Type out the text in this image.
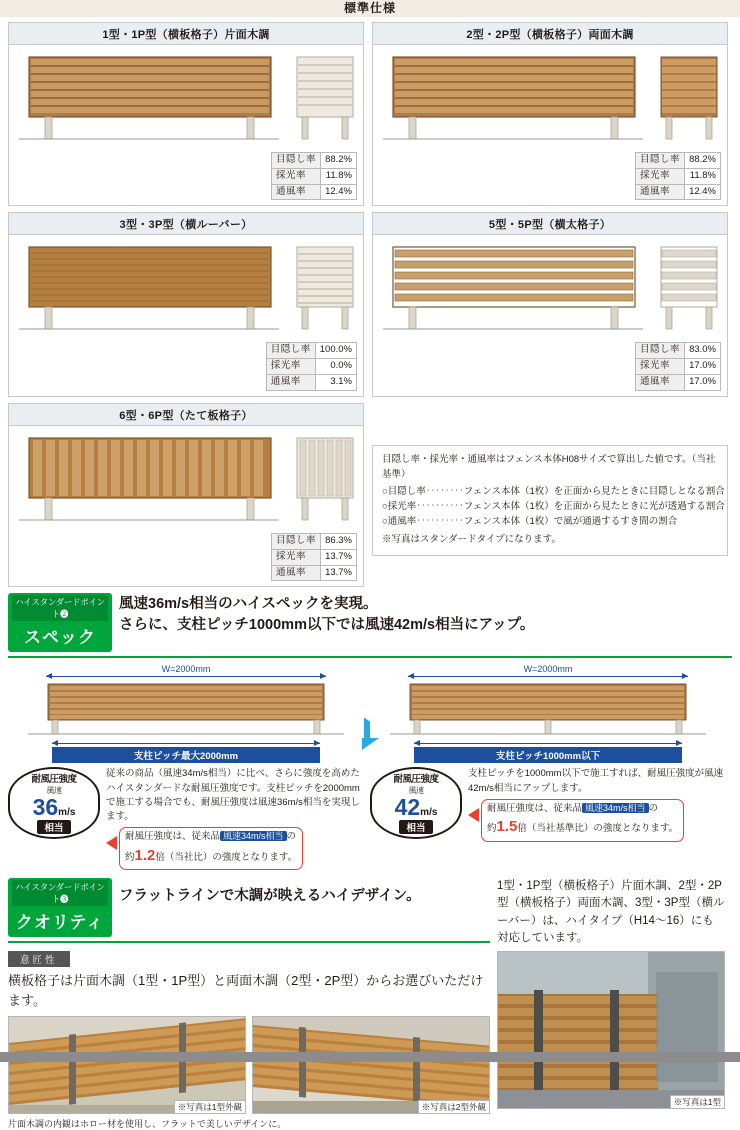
標準仕様
1型・1P型（横板格子）片面木調
目隠し率	88.2%
採光率	11.8%
通風率	12.4%
2型・2P型（横板格子）両面木調
目隠し率	88.2%
採光率	11.8%
通風率	12.4%
3型・3P型（横ルーバー）
目隠し率	100.0%
採光率	0.0%
通風率	3.1%
5型・5P型（横太格子）
目隠し率	83.0%
採光率	17.0%
通風率	17.0%
6型・6P型（たて板格子）
目隠し率	86.3%
採光率	13.7%
通風率	13.7%
目隠し率・採光率・通風率はフェンス本体H08サイズで算出した値です。（当社基準）
○目隠し率‥‥‥‥フェンス本体（1枚）を正面から見たときに目隠しとなる割合
○採光率‥‥‥‥‥フェンス本体（1枚）を正面から見たときに光が透過する割合
○通風率‥‥‥‥‥フェンス本体（1枚）で風が通過するすき間の割合
※写真はスタンダードタイプになります。
ハイスタンダードポイント➋
スペック
風速36m/s相当のハイスペックを実現。
さらに、支柱ピッチ1000mm以下では風速42m/s相当にアップ。
W=2000mm
支柱ピッチ最大2000mm
W=2000mm
支柱ピッチ1000mm以下
耐風圧強度
風速
36m/s
相当
従来の商品（風速34m/s相当）に比べ、さらに強度を高めたハイスタンダードな耐風圧強度です。支柱ピッチを2000mmで施工する場合でも、耐風圧強度は風速36m/s相当を実現します。
耐風圧強度は、従来品 風速34m/s相当 の
約1.2倍（当社比）の強度となります。
耐風圧強度
風速
42m/s
相当
支柱ピッチを1000mm以下で施工すれば、耐風圧強度が風速42m/s相当にアップします。
耐風圧強度は、従来品 風速34m/s相当 の
約1.5倍（当社基準比）の強度となります。
ハイスタンダードポイント➌
クオリティ
フラットラインで木調が映えるハイデザイン。
1型・1P型（横板格子）片面木調、2型・2P型（横板格子）両面木調、3型・3P型（横ルーバー）は、ハイタイプ（H14～16）にも対応しています。
意匠性
横板格子は片面木調（1型・1P型）と両面木調（2型・2P型）からお選びいただけます。
※写真は1型外観	※写真は2型外観
片面木調の内観はホロー材を使用し、フラットで美しいデザインに。
※写真は1型
